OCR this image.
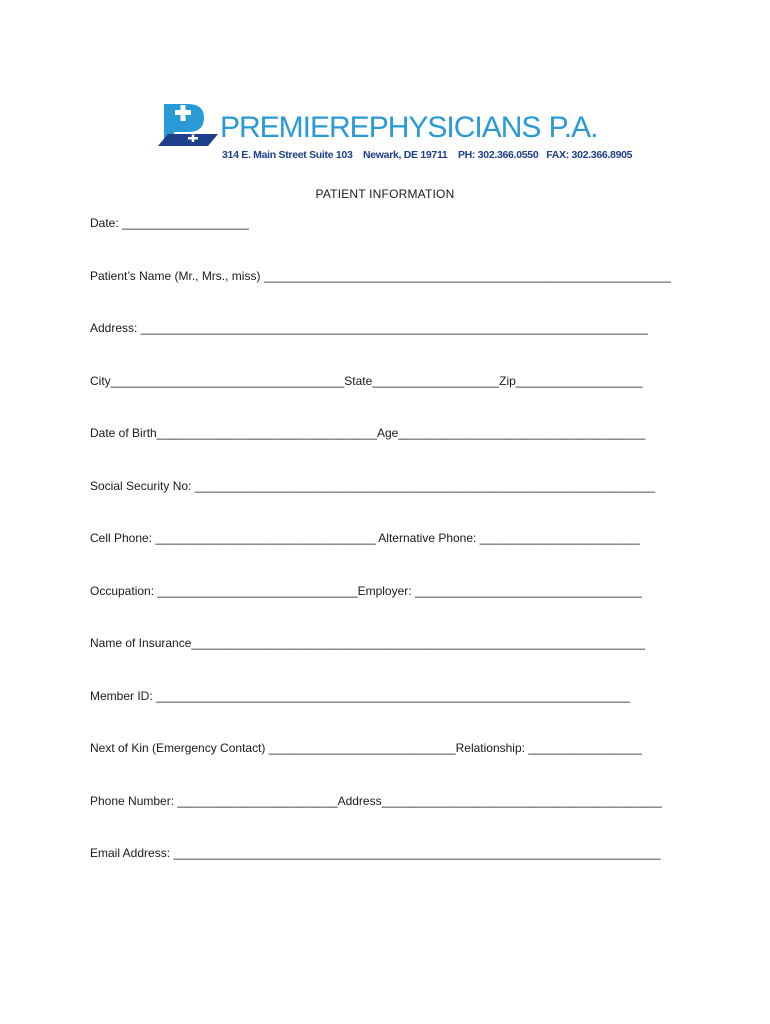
PREMIEREPHYSICIANS P.A.
314 E. Main Street Suite 103    Newark, DE 19711    PH: 302.366.0550   FAX: 302.366.8905
PATIENT INFORMATION
Date: ___________________
Patient’s Name (Mr., Mrs., miss) _____________________________________________________________
Address: ____________________________________________________________________________
City___________________________________State___________________Zip___________________
Date of Birth_________________________________Age_____________________________________
Social Security No: _____________________________________________________________________
Cell Phone: _________________________________ Alternative Phone: ________________________
Occupation: ______________________________Employer: __________________________________
Name of Insurance____________________________________________________________________
Member ID: _______________________________________________________________________
Next of Kin (Emergency Contact) ____________________________Relationship: _________________
Phone Number: ________________________Address__________________________________________
Email Address: _________________________________________________________________________
